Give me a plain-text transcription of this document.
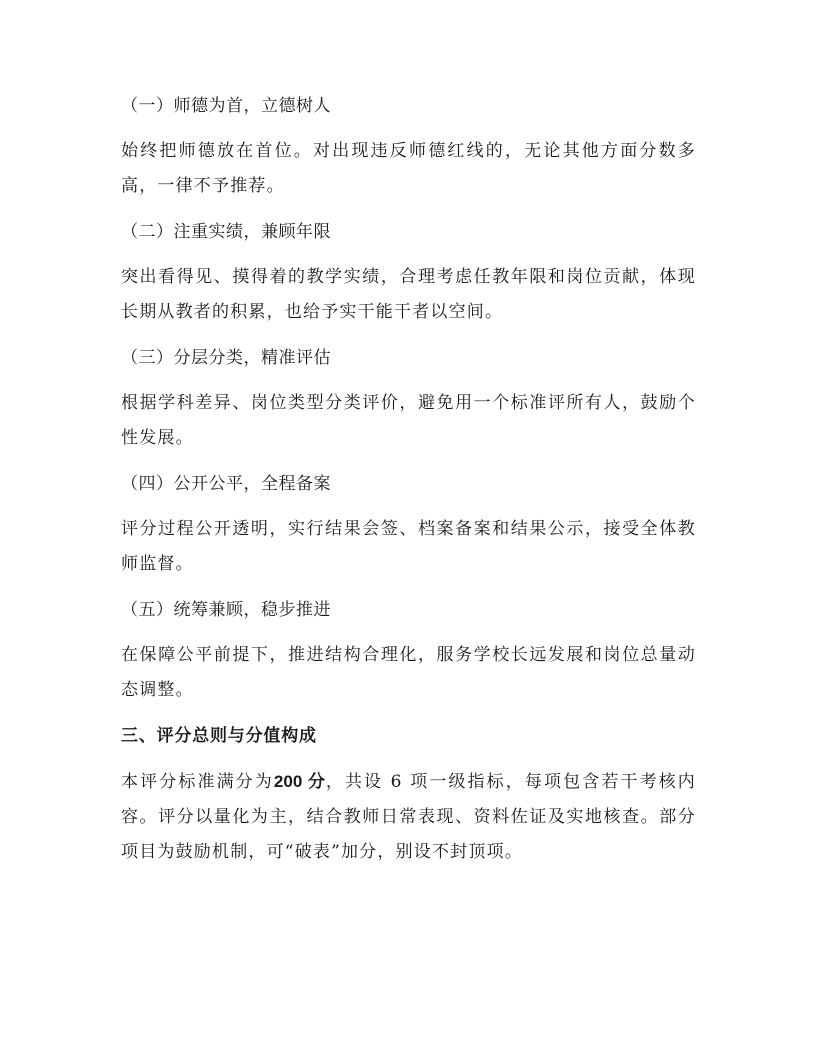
（一）师德为首，立德树人

始终把师德放在首位。对出现违反师德红线的，无论其他方面分数多高，一律不予推荐。

（二）注重实绩，兼顾年限

突出看得见、摸得着的教学实绩，合理考虑任教年限和岗位贡献，体现长期从教者的积累，也给予实干能干者以空间。

（三）分层分类，精准评估

根据学科差异、岗位类型分类评价，避免用一个标准评所有人，鼓励个性发展。

（四）公开公平，全程备案

评分过程公开透明，实行结果会签、档案备案和结果公示，接受全体教师监督。

（五）统筹兼顾，稳步推进

在保障公平前提下，推进结构合理化，服务学校长远发展和岗位总量动态调整。

三、评分总则与分值构成

本评分标准满分为200 分，共设 6 项一级指标，每项包含若干考核内容。评分以量化为主，结合教师日常表现、资料佐证及实地核查。部分项目为鼓励机制，可“破表”加分，别设不封顶项。
